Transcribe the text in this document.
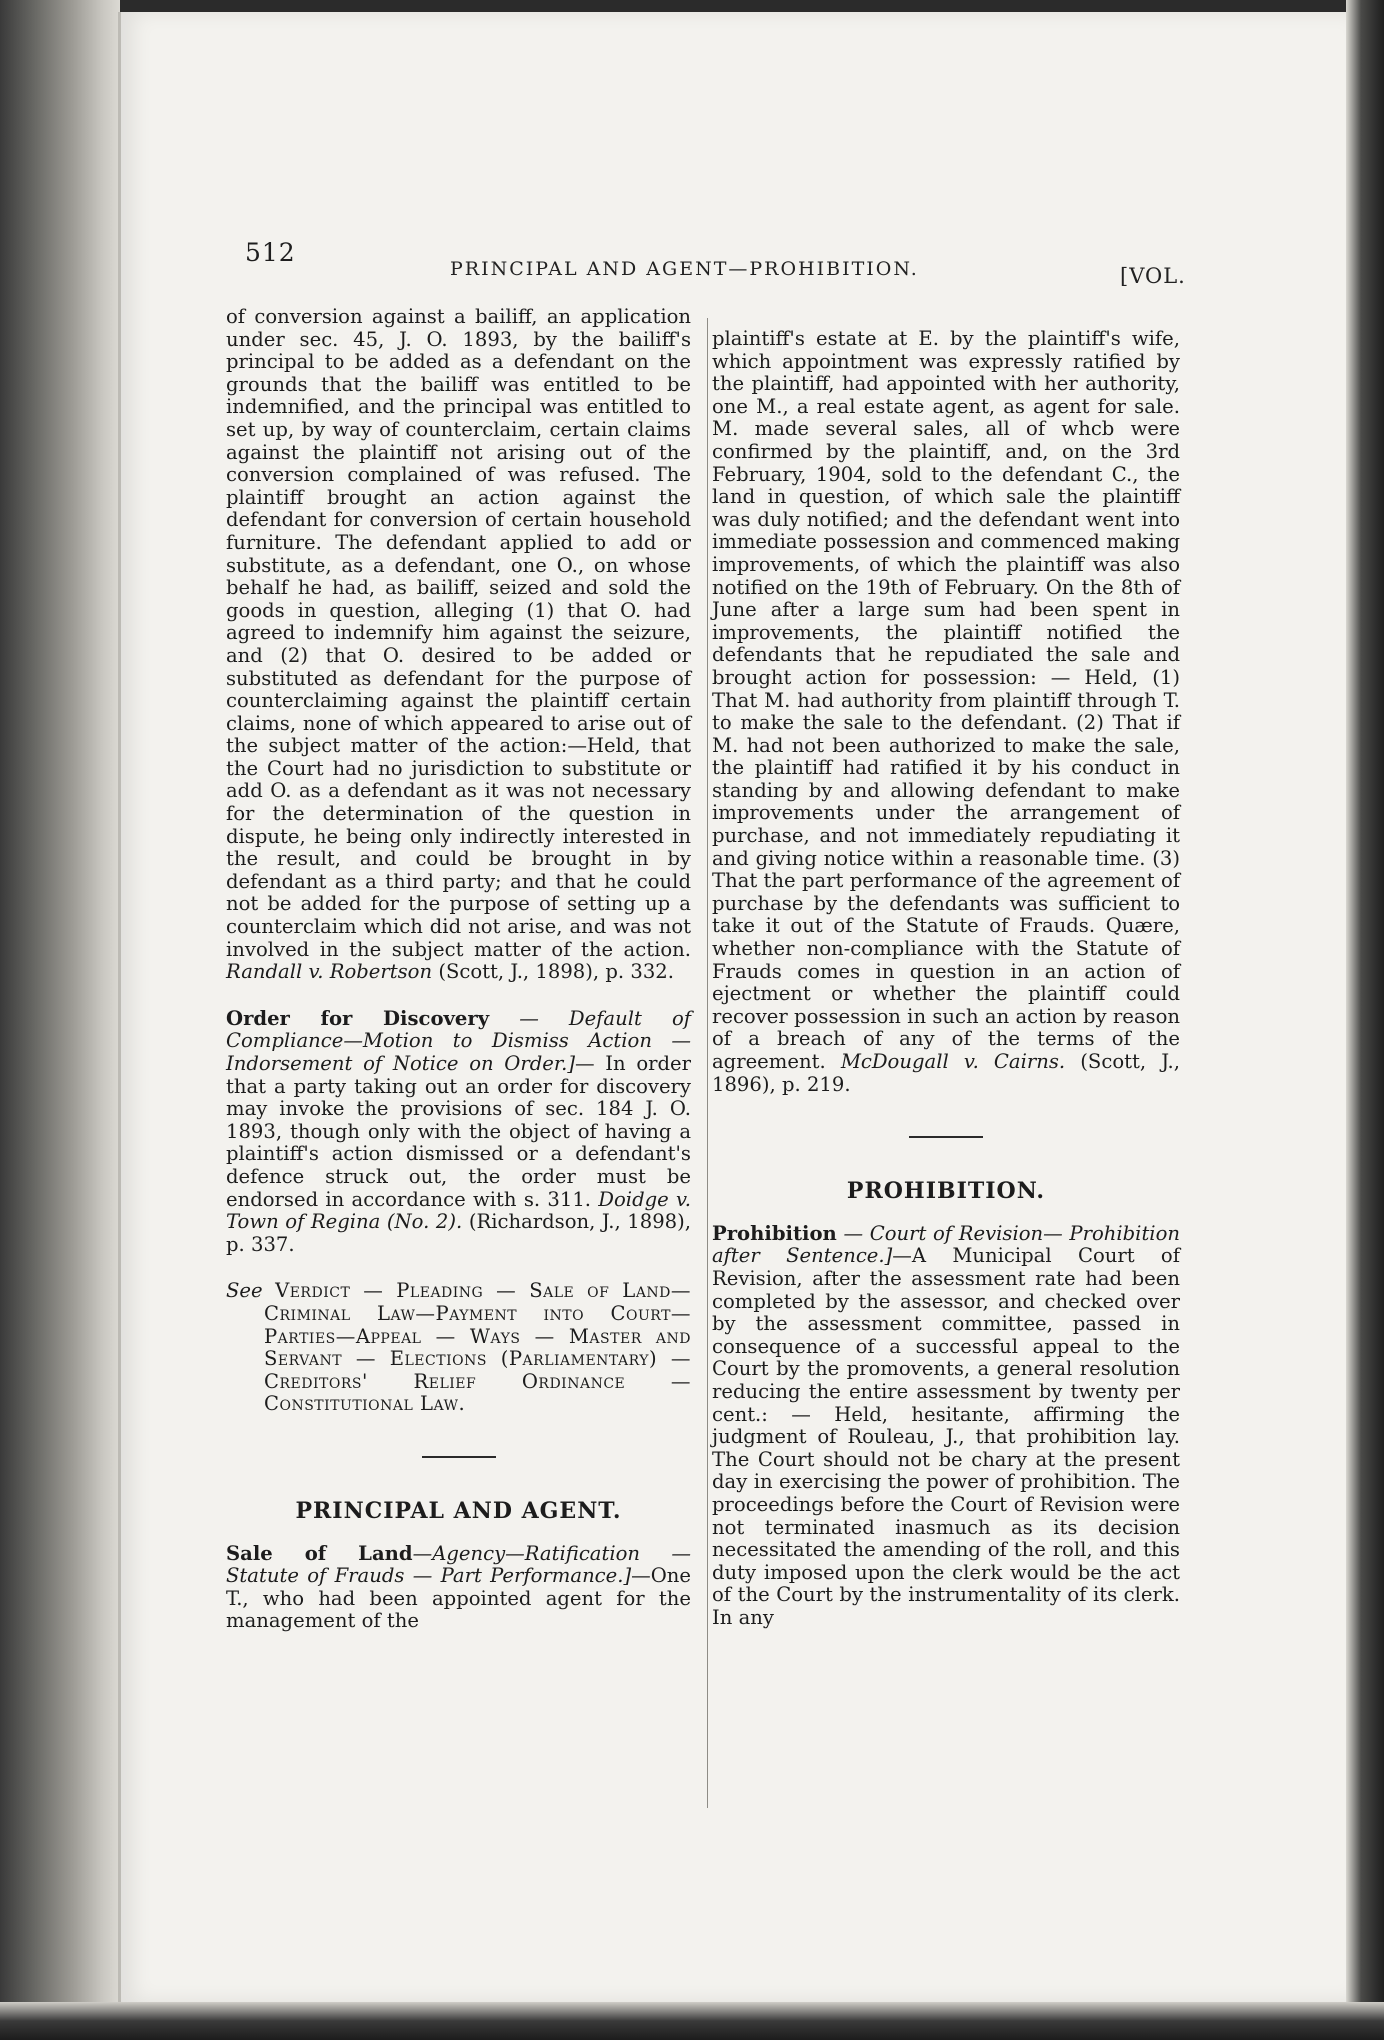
512
PRINCIPAL AND AGENT—PROHIBITION.	[VOL.

of conversion against a bailiff, an application under sec. 45, J. O. 1893, by the bailiff's principal to be added as a defendant on the grounds that the bailiff was entitled to be indemnified, and the principal was entitled to set up, by way of counterclaim, certain claims against the plaintiff not arising out of the conversion complained of was refused. The plaintiff brought an action against the defendant for conversion of certain household furniture. The defendant applied to add or substitute, as a defendant, one O., on whose behalf he had, as bailiff, seized and sold the goods in question, alleging (1) that O. had agreed to indemnify him against the seizure, and (2) that O. desired to be added or substituted as defendant for the purpose of counterclaiming against the plaintiff certain claims, none of which appeared to arise out of the subject matter of the action:—Held, that the Court had no jurisdiction to substitute or add O. as a defendant as it was not necessary for the determination of the question in dispute, he being only indirectly interested in the result, and could be brought in by defendant as a third party; and that he could not be added for the purpose of setting up a counterclaim which did not arise, and was not involved in the subject matter of the action. Randall v. Robertson (Scott, J., 1898), p. 332.

Order for Discovery — Default of Compliance—Motion to Dismiss Action — Indorsement of Notice on Order.]— In order that a party taking out an order for discovery may invoke the provisions of sec. 184 J. O. 1893, though only with the object of having a plaintiff's action dismissed or a defendant's defence struck out, the order must be endorsed in accordance with s. 311. Doidge v. Town of Regina (No. 2). (Richardson, J., 1898), p. 337.

See Verdict — Pleading — Sale of Land—Criminal Law—Payment into Court—Parties—Appeal — Ways — Master and Servant — Elections (Parliamentary) — Creditors' Relief Ordinance — Constitutional Law.

PRINCIPAL AND AGENT.

Sale of Land—Agency—Ratification — Statute of Frauds — Part Performance.]—One T., who had been appointed agent for the management of the

plaintiff's estate at E. by the plaintiff's wife, which appointment was expressly ratified by the plaintiff, had appointed with her authority, one M., a real estate agent, as agent for sale. M. made several sales, all of whcb were confirmed by the plaintiff, and, on the 3rd February, 1904, sold to the defendant C., the land in question, of which sale the plaintiff was duly notified; and the defendant went into immediate possession and commenced making improvements, of which the plaintiff was also notified on the 19th of February. On the 8th of June after a large sum had been spent in improvements, the plaintiff notified the defendants that he repudiated the sale and brought action for possession: — Held, (1) That M. had authority from plaintiff through T. to make the sale to the defendant. (2) That if M. had not been authorized to make the sale, the plaintiff had ratified it by his conduct in standing by and allowing defendant to make improvements under the arrangement of purchase, and not immediately repudiating it and giving notice within a reasonable time. (3) That the part performance of the agreement of purchase by the defendants was sufficient to take it out of the Statute of Frauds. Quære, whether non-compliance with the Statute of Frauds comes in question in an action of ejectment or whether the plaintiff could recover possession in such an action by reason of a breach of any of the terms of the agreement. McDougall v. Cairns. (Scott, J., 1896), p. 219.

PROHIBITION.

Prohibition — Court of Revision— Prohibition after Sentence.]—A Municipal Court of Revision, after the assessment rate had been completed by the assessor, and checked over by the assessment committee, passed in consequence of a successful appeal to the Court by the promovents, a general resolution reducing the entire assessment by twenty per cent.: — Held, hesitante, affirming the judgment of Rouleau, J., that prohibition lay. The Court should not be chary at the present day in exercising the power of prohibition. The proceedings before the Court of Revision were not terminated inasmuch as its decision necessitated the amending of the roll, and this duty imposed upon the clerk would be the act of the Court by the instrumentality of its clerk. In any
